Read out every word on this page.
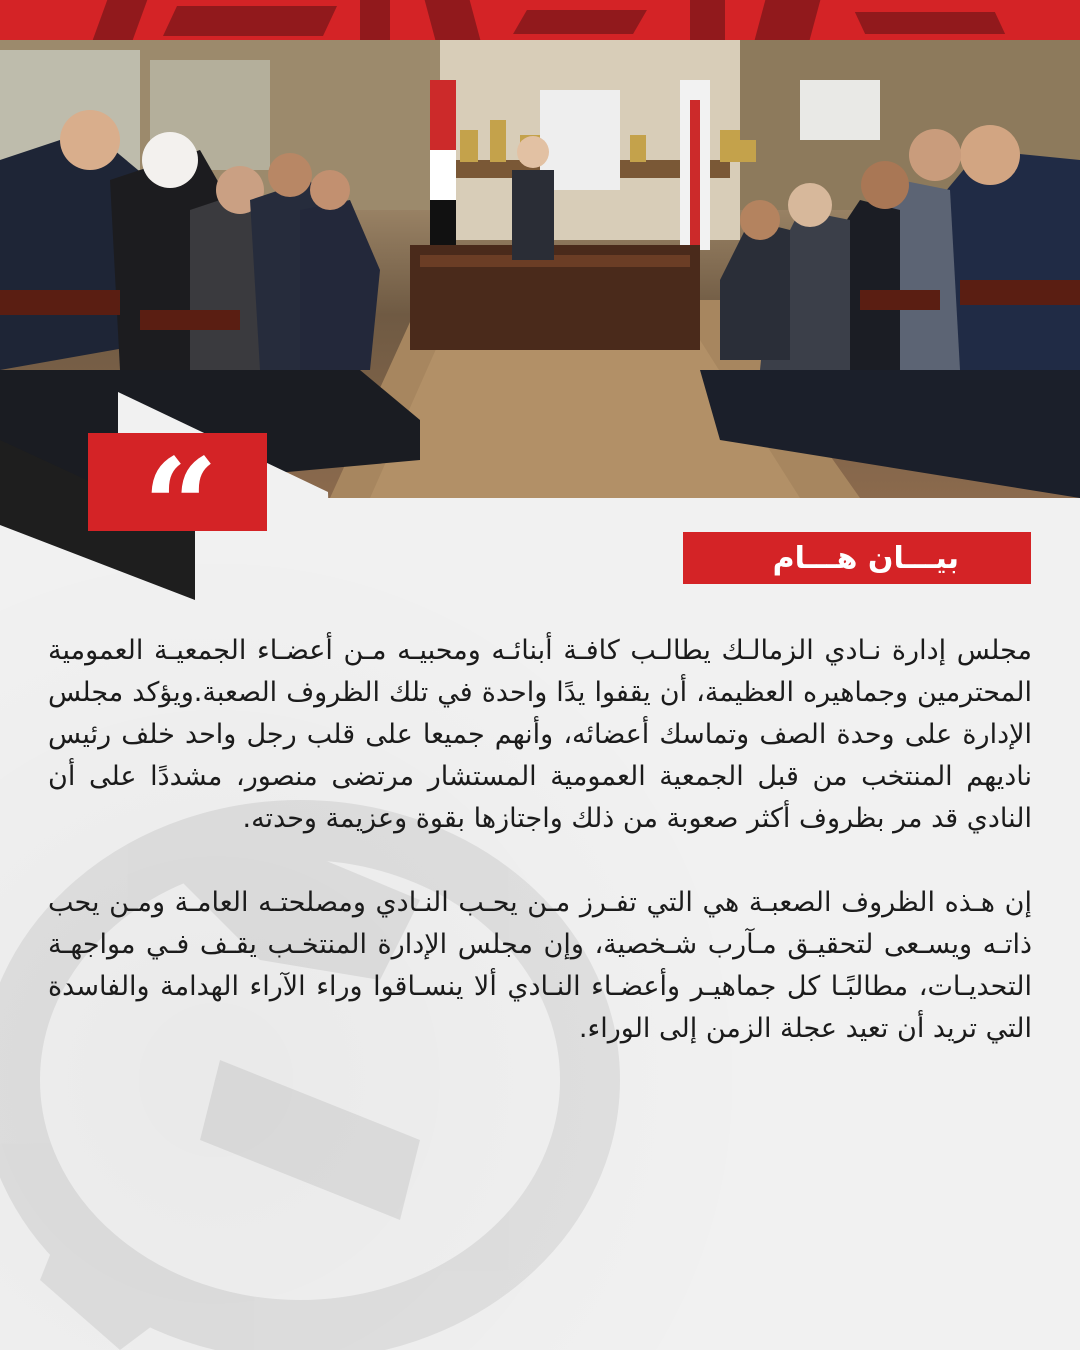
“	بيـــان هـــام

مجلس إدارة نـادي الزمالـك يطالـب كافـة أبنائـه ومحبيـه مـن أعضـاء الجمعيـة العمومية المحترمين وجماهيره العظيمة، أن يقفوا يدًا واحدة في تلك الظروف الصعبة.ويؤكد مجلس الإدارة على وحدة الصف وتماسك أعضائه، وأنهم جميعا على قلب رجل واحد خلف رئيس ناديهم المنتخب من قبل الجمعية العمومية المستشار مرتضى منصور، مشددًا على أن النادي قد مر بظروف أكثر صعوبة من ذلك واجتازها بقوة وعزيمة وحدته.

إن هـذه الظروف الصعبـة هي التي تفـرز مـن يحـب النـادي ومصلحتـه العامـة ومـن يحب ذاتـه ويسـعى لتحقيـق مـآرب شـخصية، وإن مجلس الإدارة المنتخـب يقـف فـي مواجهـة التحديـات، مطالبًـا كل جماهيـر وأعضـاء النـادي ألا ينسـاقوا وراء الآراء الهدامة والفاسدة التي تريد أن تعيد عجلة الزمن إلى الوراء.
